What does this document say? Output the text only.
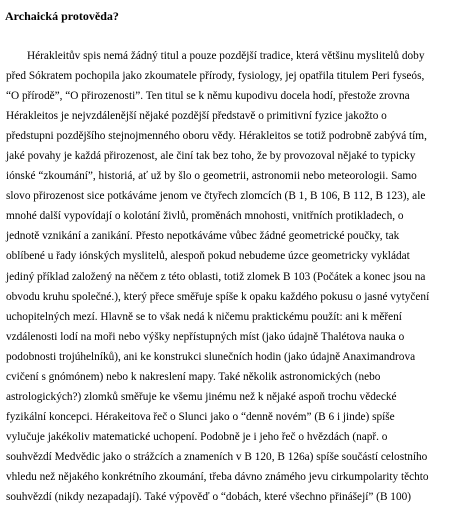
Archaická protověda?
Hérakleitův spis nemá žádný titul a pouze pozdější tradice, která většinu myslitelů doby
před Sókratem pochopila jako zkoumatele přírody, fysiology, jej opatřila titulem Peri fyseós,
“O přírodě”, “O přirozenosti”. Ten titul se k němu kupodivu docela hodí, přestože zrovna
Hérakleitos je nejvzdálenější nějaké pozdější představě o primitivní fyzice jakožto o
předstupni pozdějšího stejnojmenného oboru vědy. Hérakleitos se totiž podrobně zabývá tím,
jaké povahy je každá přirozenost, ale činí tak bez toho, že by provozoval nějaké to typicky
iónské “zkoumání”, historiá, ať už by šlo o geometrii, astronomii nebo meteorologii. Samo
slovo přirozenost sice potkáváme jenom ve čtyřech zlomcích (B 1, B 106, B 112, B 123), ale
mnohé další vypovídají o kolotání živlů, proměnách mnohosti, vnitřních protikladech, o
jednotě vznikání a zanikání. Přesto nepotkáváme vůbec žádné geometrické poučky, tak
oblíbené u řady iónských myslitelů, alespoň pokud nebudeme úzce geometricky vykládat
jediný příklad založený na něčem z této oblasti, totiž zlomek B 103 (Počátek a konec jsou na
obvodu kruhu společné.), který přece směřuje spíše k opaku každého pokusu o jasné vytyčení
uchopitelných mezí. Hlavně se to však nedá k ničemu praktickému použít: ani k měření
vzdálenosti lodí na moři nebo výšky nepřístupných míst (jako údajně Thalétova nauka o
podobnosti trojúhelníků), ani ke konstrukci slunečních hodin (jako údajně Anaximandrova
cvičení s gnómónem) nebo k nakreslení mapy. Také několik astronomických (nebo
astrologických?) zlomků směřuje ke všemu jinému než k nějaké aspoň trochu vědecké
fyzikální koncepci. Hérakeitova řeč o Slunci jako o “denně novém” (B 6 i jinde) spíše
vylučuje jakékoliv matematické uchopení. Podobně je i jeho řeč o hvězdách (např. o
souhvězdí Medvědic jako o strážcích a znameních v B 120, B 126a) spíše součástí celostního
vhledu než nějakého konkrétního zkoumání, třeba dávno známého jevu cirkumpolarity těchto
souhvězdí (nikdy nezapadají). Také výpověď o “dobách, které všechno přinášejí” (B 100)
